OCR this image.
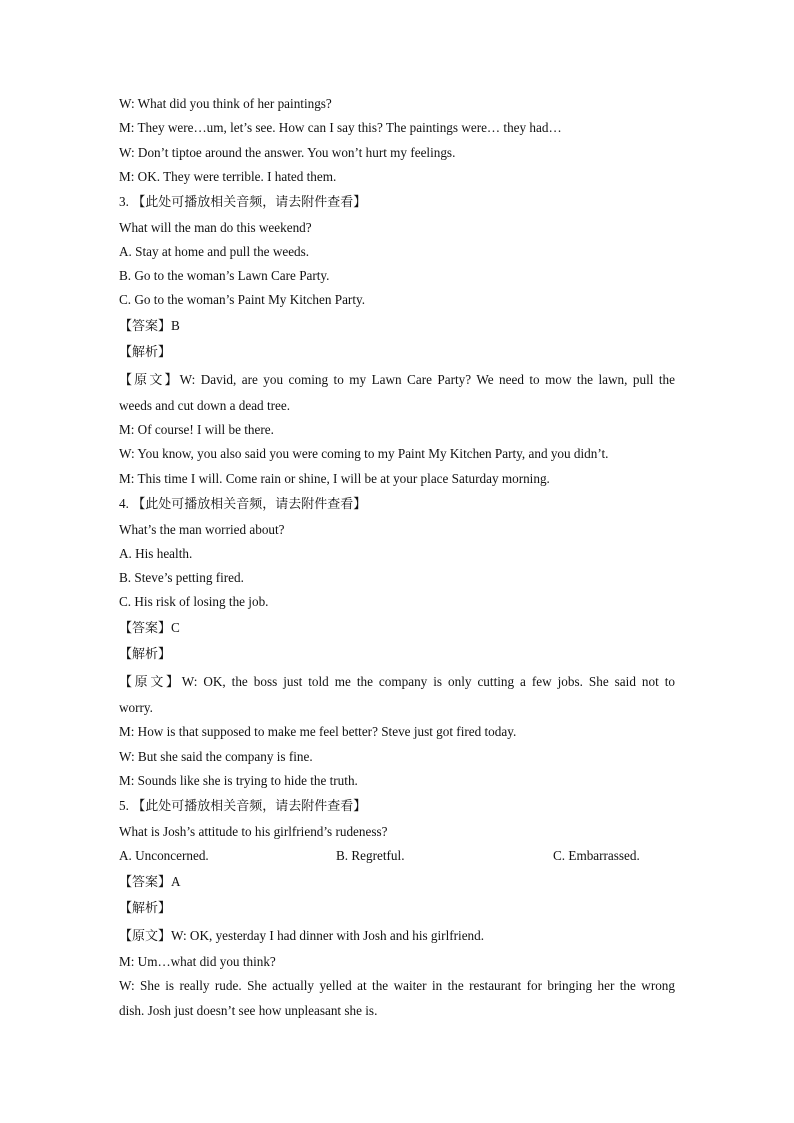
W: What did you think of her paintings?
M: They were…um, let’s see. How can I say this? The paintings were… they had…
W: Don’t tiptoe around the answer. You won’t hurt my feelings.
M: OK. They were terrible. I hated them.
3. 【此处可播放相关音频，请去附件查看】
What will the man do this weekend?
A. Stay at home and pull the weeds.
B. Go to the woman’s Lawn Care Party.
C. Go to the woman’s Paint My Kitchen Party.
【答案】B
【解析】
【原文】W: David, are you coming to my Lawn Care Party? We need to mow the lawn, pull the
weeds and cut down a dead tree.
M: Of course! I will be there.
W: You know, you also said you were coming to my Paint My Kitchen Party, and you didn’t.
M: This time I will. Come rain or shine, I will be at your place Saturday morning.
4. 【此处可播放相关音频，请去附件查看】
What’s the man worried about?
A. His health.
B. Steve’s petting fired.
C. His risk of losing the job.
【答案】C
【解析】
【原文】W: OK, the boss just told me the company is only cutting a few jobs. She said not to
worry.
M: How is that supposed to make me feel better? Steve just got fired today.
W: But she said the company is fine.
M: Sounds like she is trying to hide the truth.
5. 【此处可播放相关音频，请去附件查看】
What is Josh’s attitude to his girlfriend’s rudeness?
A. Unconcerned.	B. Regretful.	C. Embarrassed.
【答案】A
【解析】
【原文】W: OK, yesterday I had dinner with Josh and his girlfriend.
M: Um…what did you think?
W: She is really rude. She actually yelled at the waiter in the restaurant for bringing her the wrong
dish. Josh just doesn’t see how unpleasant she is.
